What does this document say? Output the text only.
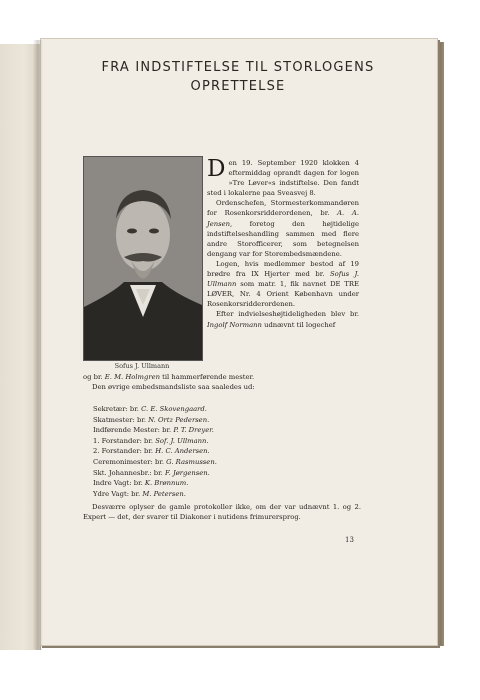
FRA INDSTIFTELSE TIL STORLOGENS
OPRETTELSE
Sofus J. Ullmann
Den 19. September 1920 klokken 4 eftermiddag oprandt dagen for logen »Tre Løver«s indstiftelse. Den fandt sted i lokalerne paa Sveasvej 8.
Ordenschefen, Stormesterkommandøren for Rosenkorsridderordenen, br. A. A. Jensen, foretog den højtidelige indstiftelseshandling sammen med flere andre Storofficerer, som betegnelsen dengang var for Storembedsmændene.
Logen, hvis medlemmer bestod af 19 brødre fra IX Hjerter med br. Sofus J. Ullmann som matr. 1, fik navnet DE TRE LØVER, Nr. 4 Orient København under Rosenkorsridderordenen.
Efter indvielseshøjtideligheden blev br. Ingolf Normann udnævnt til logechef
og br. E. M. Holmgren til hammerførende mester.
Den øvrige embedsmandsliste saa saaledes ud:
Sekretær: br. C. E. Skovengaard.
Skatmester: br. N. Ortz Pedersen.
Indførende Mester: br. P. T. Dreyer.
1. Forstander: br. Sof. J. Ullmann.
2. Forstander: br. H. C. Andersen.
Ceremonimester: br. G. Rasmussen.
Skt. Johannesbr.: br. F. Jørgensen.
Indre Vagt: br. K. Brønnum.
Ydre Vagt: br. M. Petersen.
Desværre oplyser de gamle protokoller ikke, om der var udnævnt 1. og 2. Expert — det, der svarer til Diakoner i nutidens frimurersprog.
13
